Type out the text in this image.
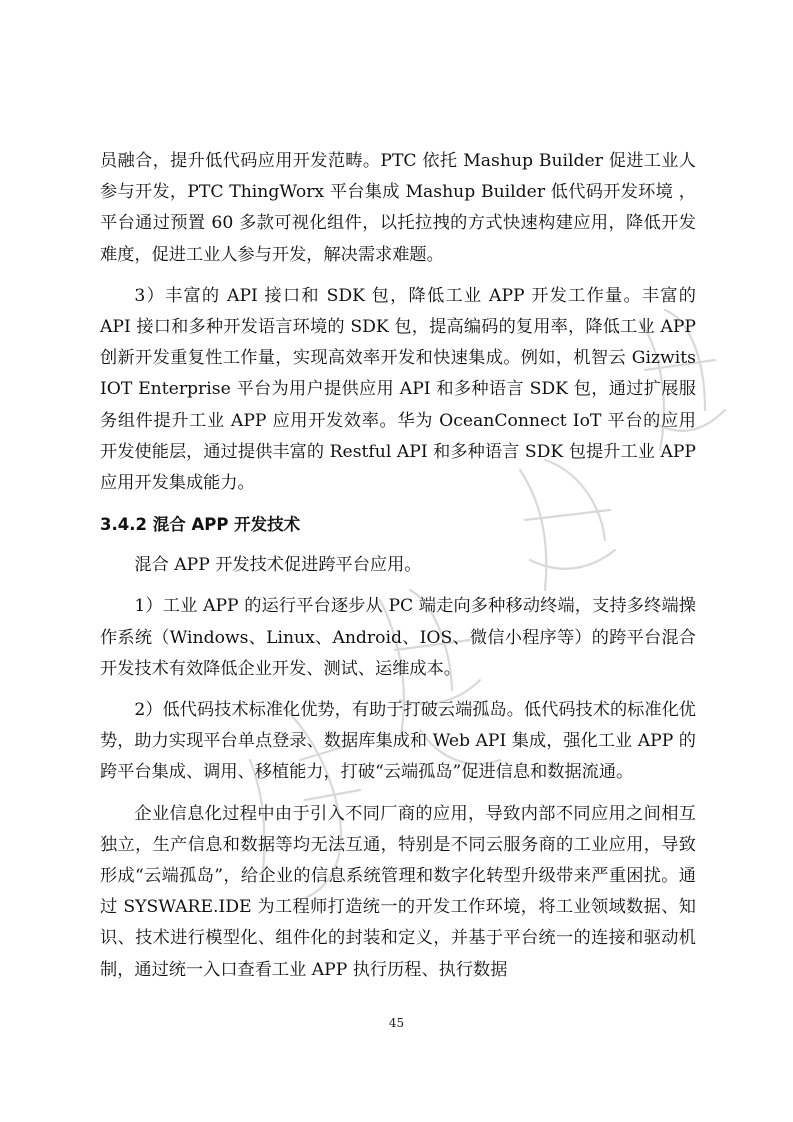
员融合，提升低代码应用开发范畴。PTC 依托 Mashup Builder 促进工业人参与开发，PTC ThingWorx 平台集成 Mashup Builder 低代码开发环境 ，平台通过预置 60 多款可视化组件，以托拉拽的方式快速构建应用，降低开发难度，促进工业人参与开发，解决需求难题。

3）丰富的 API 接口和 SDK 包，降低工业 APP 开发工作量。丰富的 API 接口和多种开发语言环境的 SDK 包，提高编码的复用率，降低工业 APP 创新开发重复性工作量，实现高效率开发和快速集成。例如，机智云 Gizwits IOT Enterprise 平台为用户提供应用 API 和多种语言 SDK 包，通过扩展服务组件提升工业 APP 应用开发效率。华为 OceanConnect IoT 平台的应用开发使能层，通过提供丰富的 Restful API 和多种语言 SDK 包提升工业 APP 应用开发集成能力。

3.4.2 混合 APP 开发技术

混合 APP 开发技术促进跨平台应用。

1）工业 APP 的运行平台逐步从 PC 端走向多种移动终端，支持多终端操作系统（Windows、Linux、Android、IOS、微信小程序等）的跨平台混合开发技术有效降低企业开发、测试、运维成本。

2）低代码技术标准化优势，有助于打破云端孤岛。低代码技术的标准化优势，助力实现平台单点登录、数据库集成和 Web API 集成，强化工业 APP 的跨平台集成、调用、移植能力，打破“云端孤岛”促进信息和数据流通。

企业信息化过程中由于引入不同厂商的应用，导致内部不同应用之间相互独立，生产信息和数据等均无法互通，特别是不同云服务商的工业应用，导致形成“云端孤岛”，给企业的信息系统管理和数字化转型升级带来严重困扰。通过 SYSWARE.IDE 为工程师打造统一的开发工作环境，将工业领域数据、知识、技术进行模型化、组件化的封装和定义，并基于平台统一的连接和驱动机制，通过统一入口查看工业 APP 执行历程、执行数据

45
